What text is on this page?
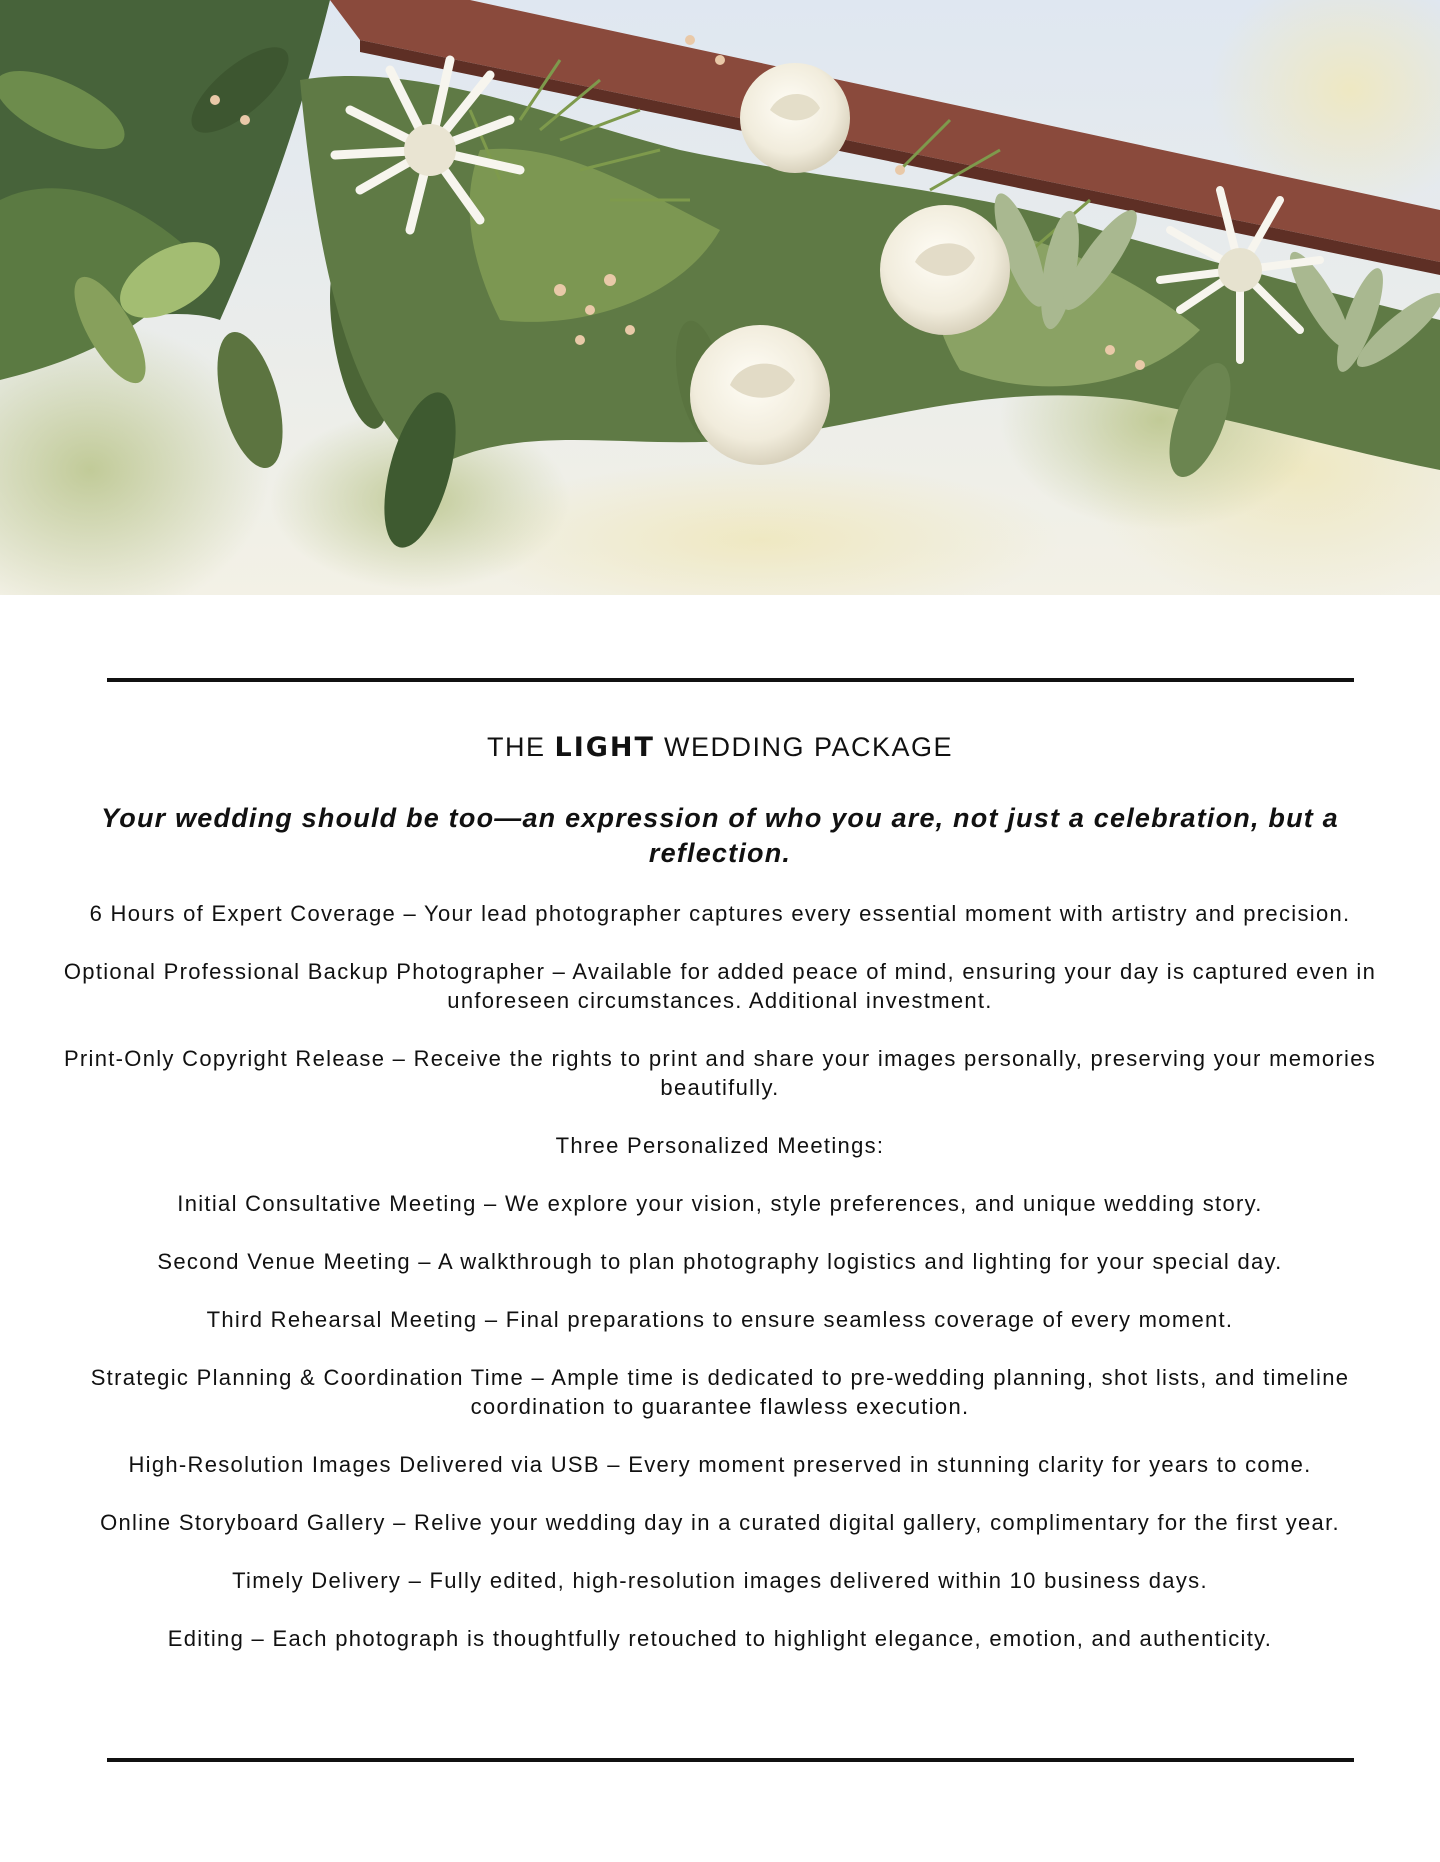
THE LIGHT WEDDING PACKAGE

Your wedding should be too—an expression of who you are, not just a celebration, but a reflection.

6 Hours of Expert Coverage – Your lead photographer captures every essential moment with artistry and precision.

Optional Professional Backup Photographer – Available for added peace of mind, ensuring your day is captured even in unforeseen circumstances. Additional investment.

Print-Only Copyright Release – Receive the rights to print and share your images personally, preserving your memories beautifully.

Three Personalized Meetings:

Initial Consultative Meeting – We explore your vision, style preferences, and unique wedding story.

Second Venue Meeting – A walkthrough to plan photography logistics and lighting for your special day.

Third Rehearsal Meeting – Final preparations to ensure seamless coverage of every moment.

Strategic Planning & Coordination Time – Ample time is dedicated to pre-wedding planning, shot lists, and timeline coordination to guarantee flawless execution.

High-Resolution Images Delivered via USB – Every moment preserved in stunning clarity for years to come.

Online Storyboard Gallery – Relive your wedding day in a curated digital gallery, complimentary for the first year.

Timely Delivery – Fully edited, high-resolution images delivered within 10 business days.

Editing – Each photograph is thoughtfully retouched to highlight elegance, emotion, and authenticity.
